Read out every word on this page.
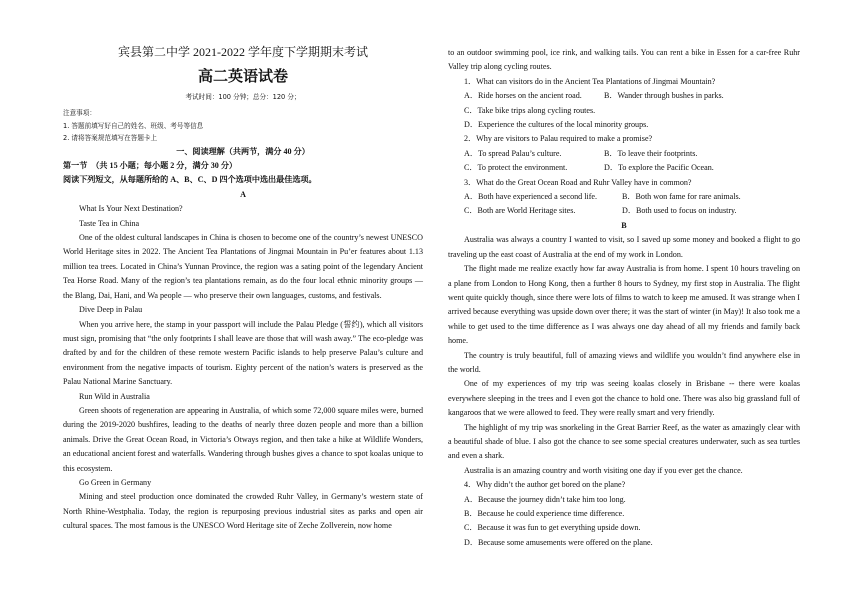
宾县第二中学 2021-2022 学年度下学期期末考试
高二英语试卷
考试时间：100 分钟；总分：120 分；
注意事项：
1. 答题前填写好自己的姓名、班级、考号等信息
2. 请将答案规范填写在答题卡上
一、阅读理解（共两节，满分 40 分）
第一节　（共 15 小题；每小题 2 分，满分 30 分）
阅读下列短文，从每题所给的 A、B、C、D 四个选项中选出最佳选项。
A

What Is Your Next Destination?

Taste Tea in China

One of the oldest cultural landscapes in China is chosen to become one of the country’s newest UNESCO World Heritage sites in 2022. The Ancient Tea Plantations of Jingmai Mountain in Pu’er features about 1.13 million tea trees. Located in China’s Yunnan Province, the region was a sating point of the legendary Ancient Tea Horse Road. Many of the region’s tea plantations remain, as do the four local ethnic minority groups — the Blang, Dai, Hani, and Wa people — who preserve their own languages, customs, and festivals.

Dive Deep in Palau

When you arrive here, the stamp in your passport will include the Palau Pledge (誓约), which all visitors must sign, promising that “the only footprints I shall leave are those that will wash away.” The eco-pledge was drafted by and for the children of these remote western Pacific islands to help preserve Palau’s culture and environment from the negative impacts of tourism. Eighty percent of the nation’s waters is preserved as the Palau National Marine Sanctuary.

Run Wild in Australia

Green shoots of regeneration are appearing in Australia, of which some 72,000 square miles were, burned during the 2019-2020 bushfires, leading to the deaths of nearly three dozen people and more than a billion animals. Drive the Great Ocean Road, in Victoria’s Otways region, and then take a hike at Wildlife Wonders, an educational ancient forest and waterfalls. Wandering through bushes gives a chance to spot koalas unique to this ecosystem.

Go Green in Germany

Mining and steel production once dominated the crowded Ruhr Valley, in Germany’s western state of North Rhine-Westphalia. Today, the region is repurposing previous industrial sites as parks and open air cultural spaces. The most famous is the UNESCO Word Heritage site of Zeche Zollverein, now home

to an outdoor swimming pool, ice rink, and walking tails. You can rent a bike in Essen for a car-free Ruhr Valley trip along cycling routes.

1．What can visitors do in the Ancient Tea Plantations of Jingmai Mountain?
A．Ride horses on the ancient road.	B．Wander through bushes in parks.
C．Take bike trips along cycling routes.
D．Experience the cultures of the local minority groups.
2．Why are visitors to Palau required to make a promise?
A．To spread Palau’s culture.	B．To leave their footprints.
C．To protect the environment.	D．To explore the Pacific Ocean.
3．What do the Great Ocean Road and Ruhr Valley have in common?
A．Both have experienced a second life.	B．Both won fame for rare animals.
C．Both are World Heritage sites.	D．Both used to focus on industry.
B

Australia was always a country I wanted to visit, so I saved up some money and booked a flight to go traveling up the east coast of Australia at the end of my work in London.

The flight made me realize exactly how far away Australia is from home. I spent 10 hours traveling on a plane from London to Hong Kong, then a further 8 hours to Sydney, my first stop in Australia. The flight went quite quickly though, since there were lots of films to watch to keep me amused. It was strange when I arrived because everything was upside down over there; it was the start of winter (in May)! It also took me a while to get used to the time difference as I was always one day ahead of all my friends and family back home.

The country is truly beautiful, full of amazing views and wildlife you wouldn’t find anywhere else in the world.

One of my experiences of my trip was seeing koalas closely in Brisbane -- there were koalas everywhere sleeping in the trees and I even got the chance to hold one. There was also big grassland full of kangaroos that we were allowed to feed. They were really smart and very friendly.

The highlight of my trip was snorkeling in the Great Barrier Reef, as the water as amazingly clear with a beautiful shade of blue. I also got the chance to see some special creatures underwater, such as sea turtles and even a shark.

Australia is an amazing country and worth visiting one day if you ever get the chance.

4．Why didn’t the author get bored on the plane?
A．Because the journey didn’t take him too long.
B．Because he could experience time difference.
C．Because it was fun to get everything upside down.
D．Because some amusements were offered on the plane.
